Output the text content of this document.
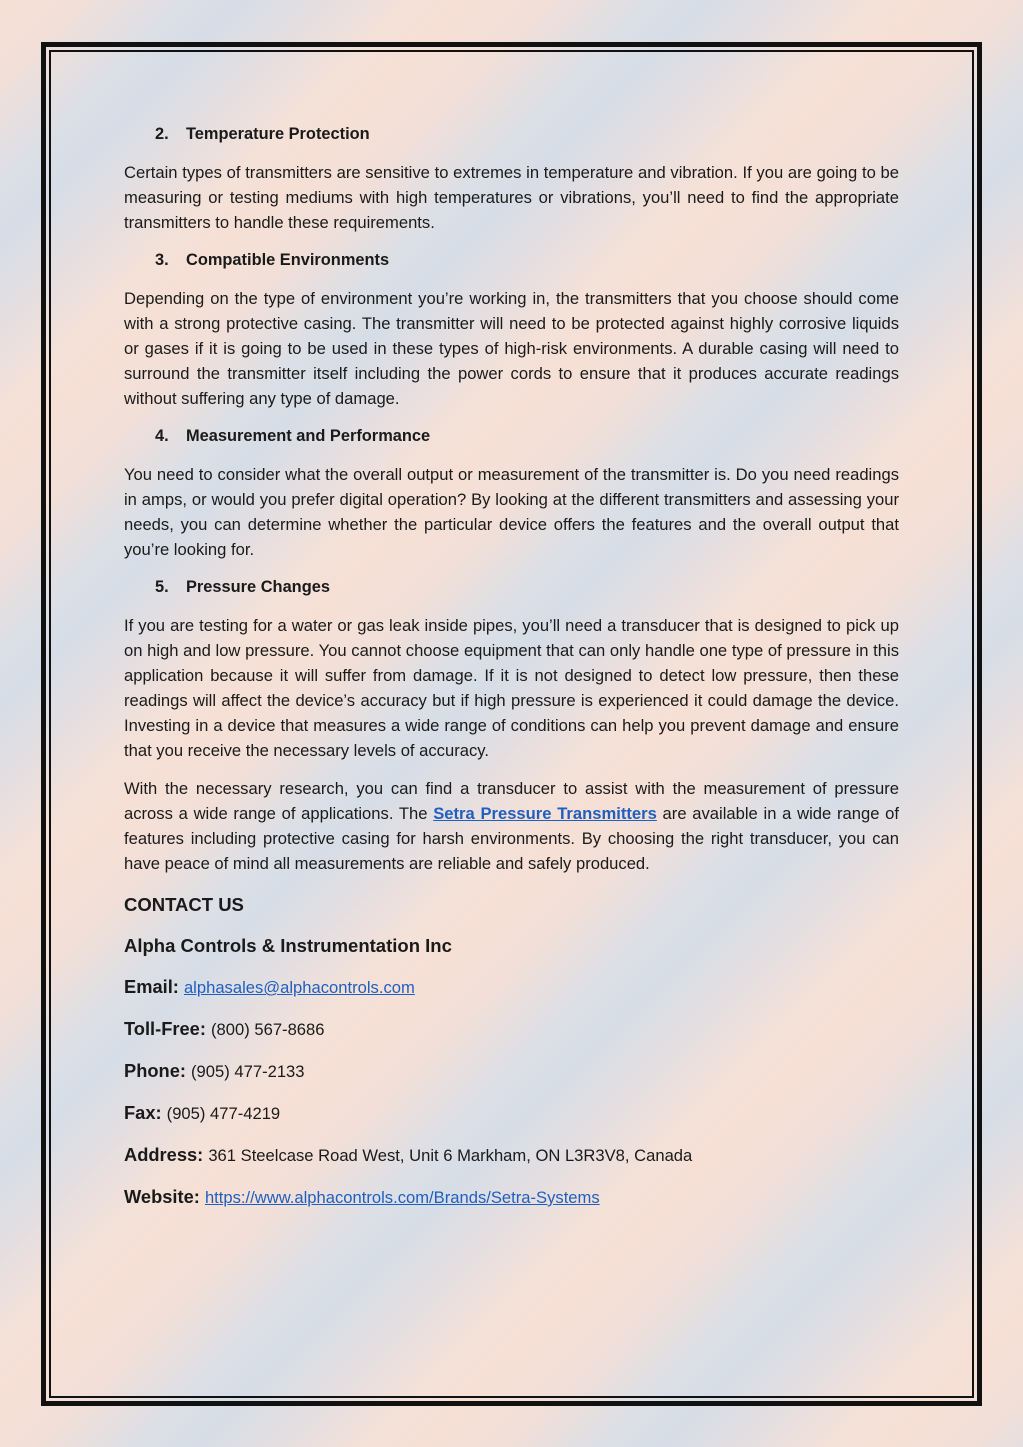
2.	Temperature Protection

Certain types of transmitters are sensitive to extremes in temperature and vibration. If you are going to be measuring or testing mediums with high temperatures or vibrations, you’ll need to find the appropriate transmitters to handle these requirements.

3.	Compatible Environments

Depending on the type of environment you’re working in, the transmitters that you choose should come with a strong protective casing. The transmitter will need to be protected against highly corrosive liquids or gases if it is going to be used in these types of high-risk environments. A durable casing will need to surround the transmitter itself including the power cords to ensure that it produces accurate readings without suffering any type of damage.

4.	Measurement and Performance

You need to consider what the overall output or measurement of the transmitter is. Do you need readings in amps, or would you prefer digital operation? By looking at the different transmitters and assessing your needs, you can determine whether the particular device offers the features and the overall output that you’re looking for.

5.	Pressure Changes

If you are testing for a water or gas leak inside pipes, you’ll need a transducer that is designed to pick up on high and low pressure. You cannot choose equipment that can only handle one type of pressure in this application because it will suffer from damage. If it is not designed to detect low pressure, then these readings will affect the device’s accuracy but if high pressure is experienced it could damage the device. Investing in a device that measures a wide range of conditions can help you prevent damage and ensure that you receive the necessary levels of accuracy.

With the necessary research, you can find a transducer to assist with the measurement of pressure across a wide range of applications. The Setra Pressure Transmitters are available in a wide range of features including protective casing for harsh environments. By choosing the right transducer, you can have peace of mind all measurements are reliable and safely produced.

CONTACT US
Alpha Controls & Instrumentation Inc
Email: alphasales@alphacontrols.com
Toll-Free: (800) 567-8686
Phone: (905) 477-2133
Fax: (905) 477-4219
Address: 361 Steelcase Road West, Unit 6 Markham, ON L3R3V8, Canada
Website: https://www.alphacontrols.com/Brands/Setra-Systems
